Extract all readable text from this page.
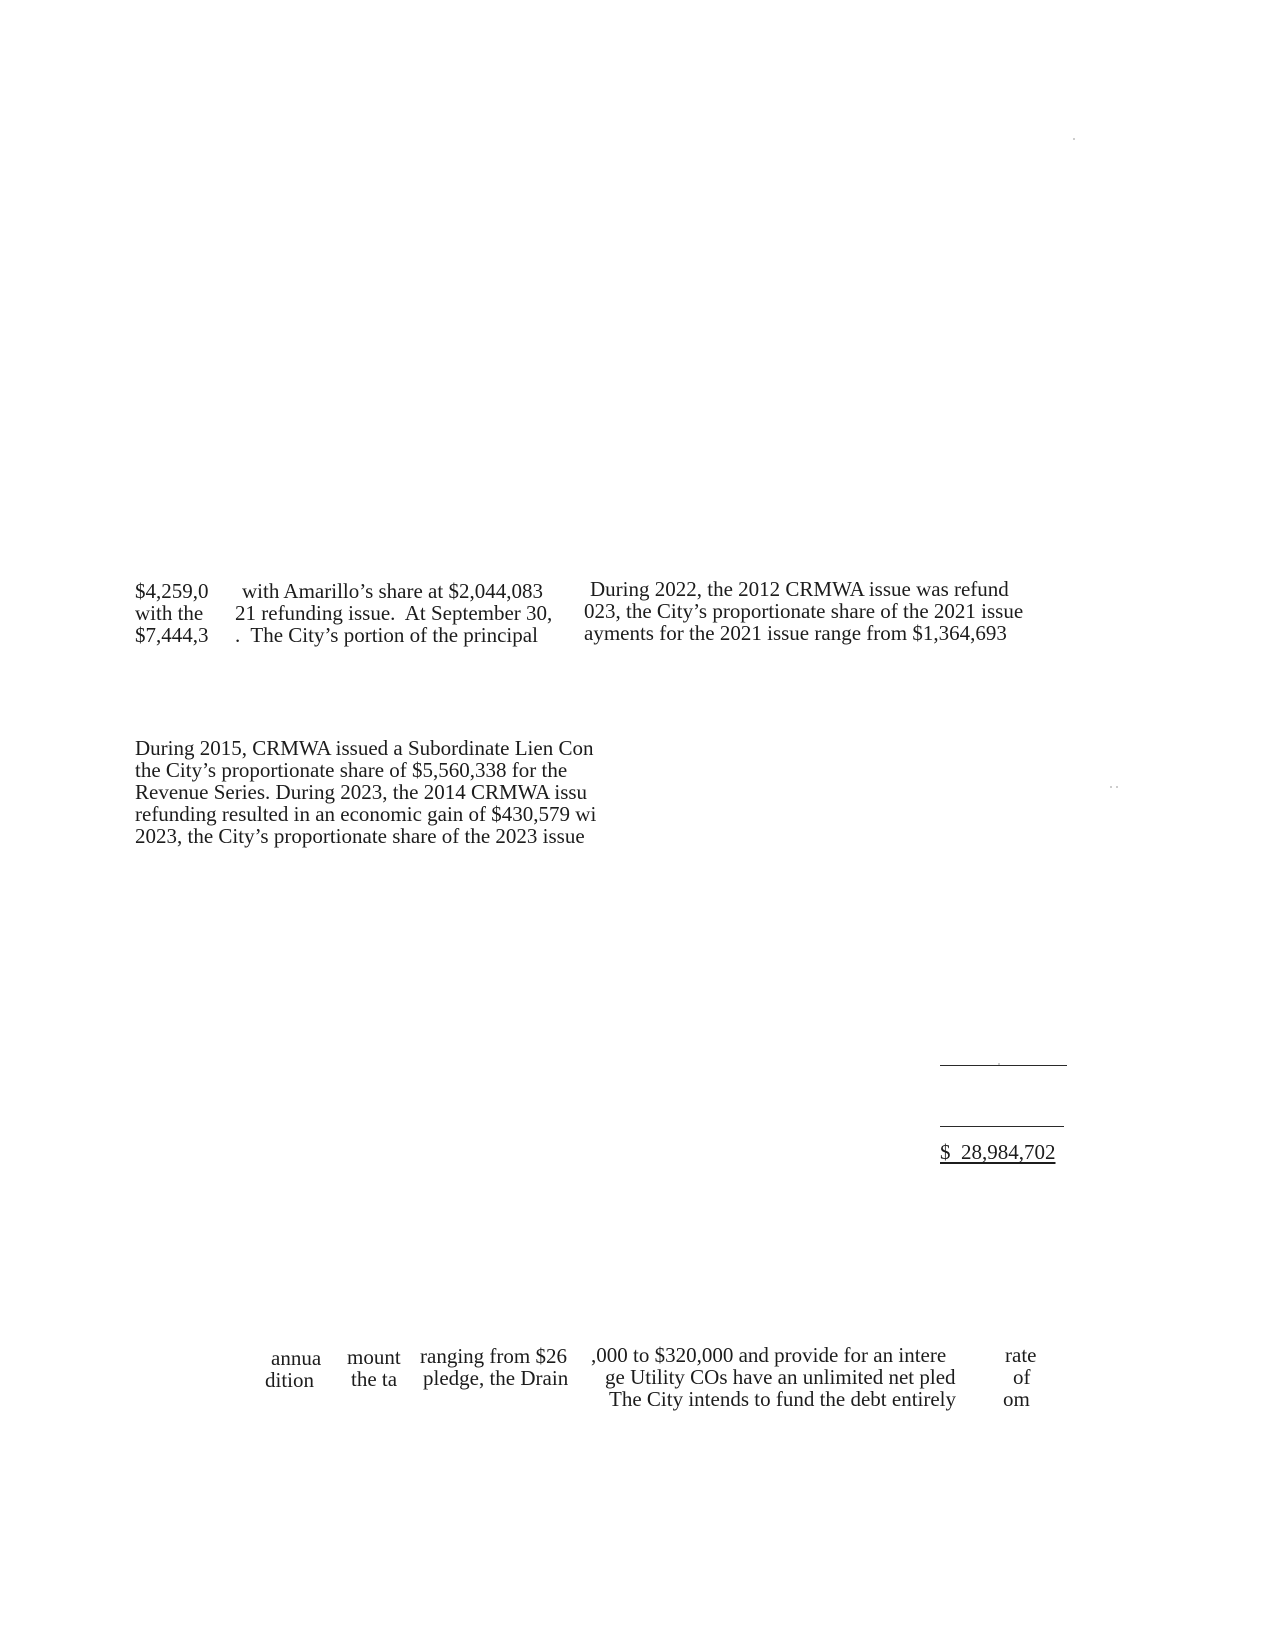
$4,259,0
with the
$7,444,3
with Amarillo’s share at $2,044,083
21 refunding issue.  At September 30,
.  The City’s portion of the principal
During 2022, the 2012 CRMWA issue was refund
023, the City’s proportionate share of the 2021 issue
ayments for the 2021 issue range from $1,364,693
During 2015, CRMWA issued a Subordinate Lien Con
the City’s proportionate share of $5,560,338 for the
Revenue Series. During 2023, the 2014 CRMWA issu
refunding resulted in an economic gain of $430,579 wi
2023, the City’s proportionate share of the 2023 issue
$  28,984,702
annua mount ranging from $26 ,000 to $320,000 and provide for an intere	rate
dition the ta pledge, the Drain ge Utility COs have an unlimited net pled	of
The City intends to fund the debt entirely om
